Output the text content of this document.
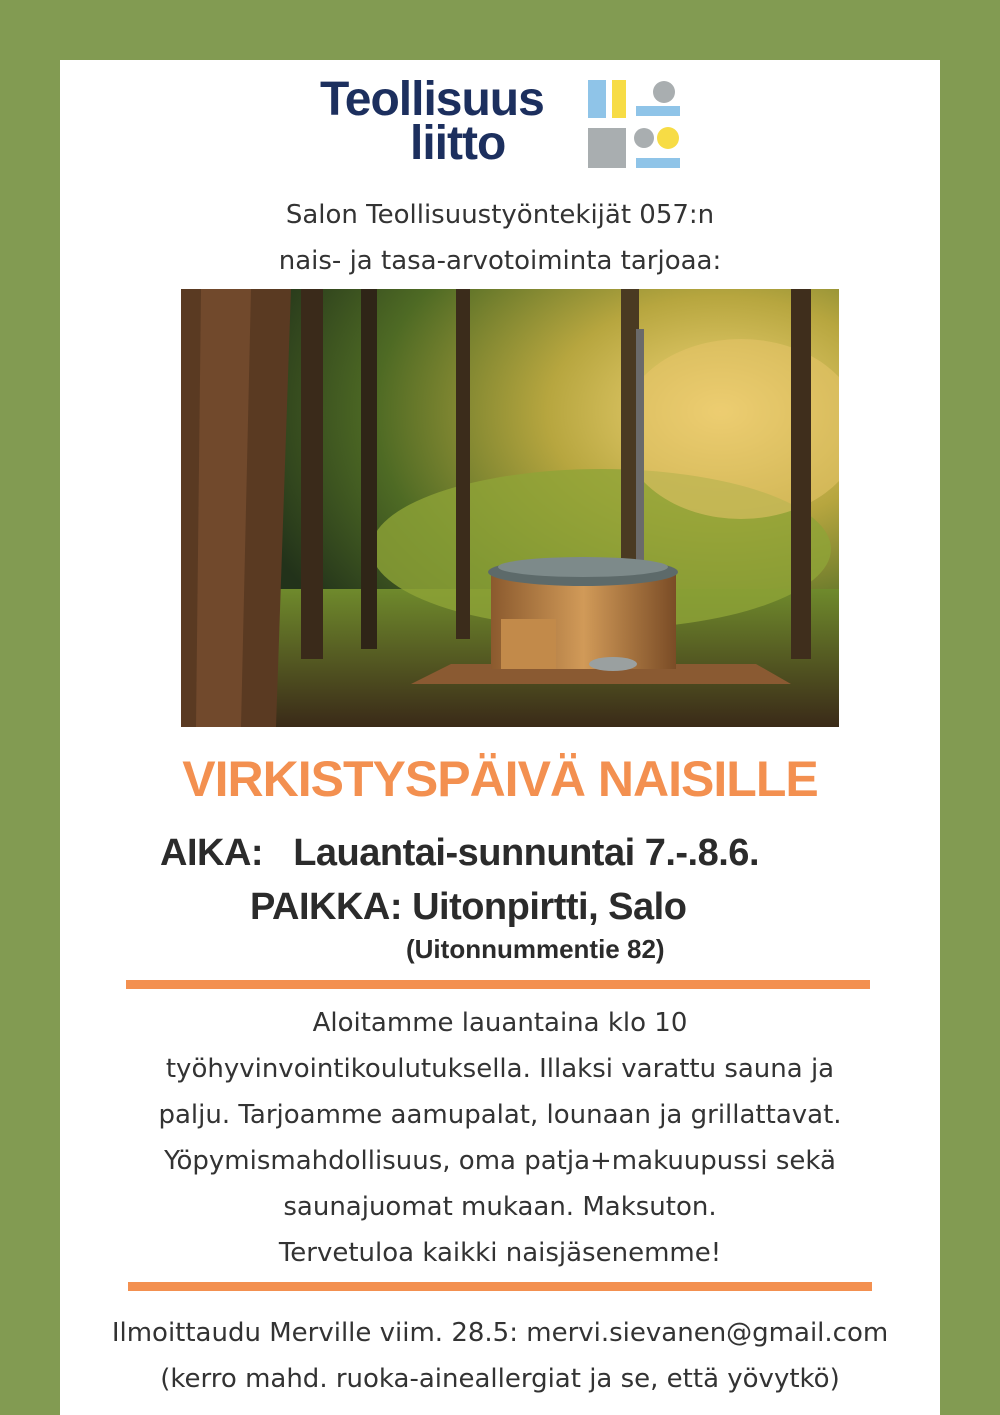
Teollisuus
liitto
Salon Teollisuustyöntekijät 057:n
nais- ja tasa-arvotoiminta tarjoaa:
VIRKISTYSPÄIVÄ NAISILLE
AIKA:   Lauantai-sunnuntai 7.-.8.6.
PAIKKA: Uitonpirtti, Salo
(Uitonnummentie 82)
Aloitamme lauantaina klo 10
työhyvinvointikoulutuksella. Illaksi varattu sauna ja
palju. Tarjoamme aamupalat, lounaan ja grillattavat.
Yöpymismahdollisuus, oma patja+makuupussi sekä
saunajuomat mukaan. Maksuton.
Tervetuloa kaikki naisjäsenemme!
Ilmoittaudu Merville viim. 28.5: mervi.sievanen@gmail.com
(kerro mahd. ruoka-aineallergiat ja se, että yövytkö)
